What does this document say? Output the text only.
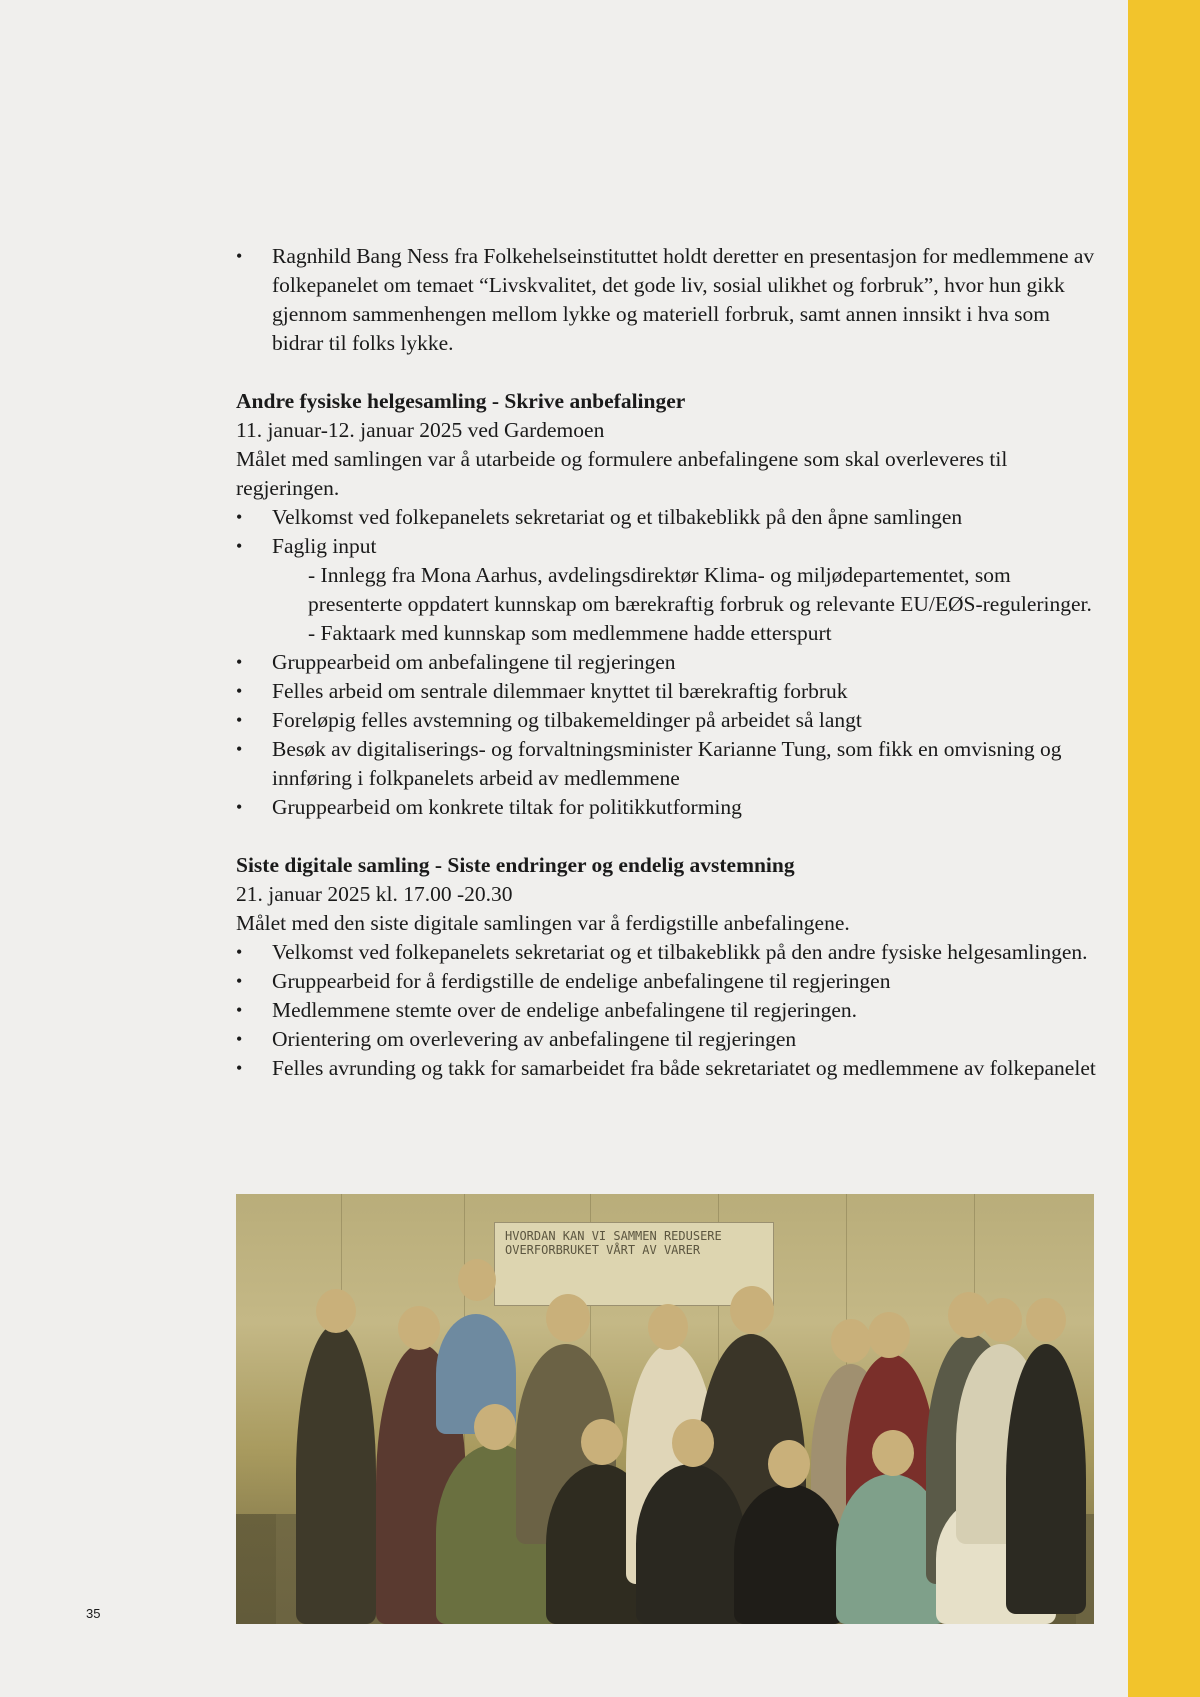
• Ragnhild Bang Ness fra Folkehelseinstituttet holdt deretter en presentasjon for medlemmene av folkepanelet om temaet “Livskvalitet, det gode liv, sosial ulikhet og forbruk”, hvor hun gikk gjennom sammenhengen mellom lykke og materiell forbruk, samt annen innsikt i hva som bidrar til folks lykke.

Andre fysiske helgesamling - Skrive anbefalinger

11. januar-12. januar 2025 ved Gardemoen

Målet med samlingen var å utarbeide og formulere anbefalingene som skal overleveres til regjeringen.

• Velkomst ved folkepanelets sekretariat og et tilbakeblikk på den åpne samlingen
• Faglig input
- Innlegg fra Mona Aarhus, avdelingsdirektør Klima- og miljødepartementet, som presenterte oppdatert kunnskap om bærekraftig forbruk og relevante EU/EØS-reguleringer.
- Faktaark med kunnskap som medlemmene hadde etterspurt
• Gruppearbeid om anbefalingene til regjeringen
• Felles arbeid om sentrale dilemmaer knyttet til bærekraftig forbruk
• Foreløpig felles avstemning og tilbakemeldinger på arbeidet så langt
• Besøk av digitaliserings- og forvaltningsminister Karianne Tung, som fikk en omvisning og innføring i folkpanelets arbeid av medlemmene
• Gruppearbeid om konkrete tiltak for politikkutforming

Siste digitale samling - Siste endringer og endelig avstemning

21. januar 2025 kl. 17.00 -20.30

Målet med den siste digitale samlingen var å ferdigstille anbefalingene.

• Velkomst ved folkepanelets sekretariat og et tilbakeblikk på den andre fysiske helgesamlingen.
• Gruppearbeid for å ferdigstille de endelige anbefalingene til regjeringen
• Medlemmene stemte over de endelige anbefalingene til regjeringen.
• Orientering om overlevering av anbefalingene til regjeringen
• Felles avrunding og takk for samarbeidet fra både sekretariatet og medlemmene av folkepanelet
HVORDAN KAN VI SAMMEN REDUSERE OVERFORBRUKET VÅRT AV VARER
35
